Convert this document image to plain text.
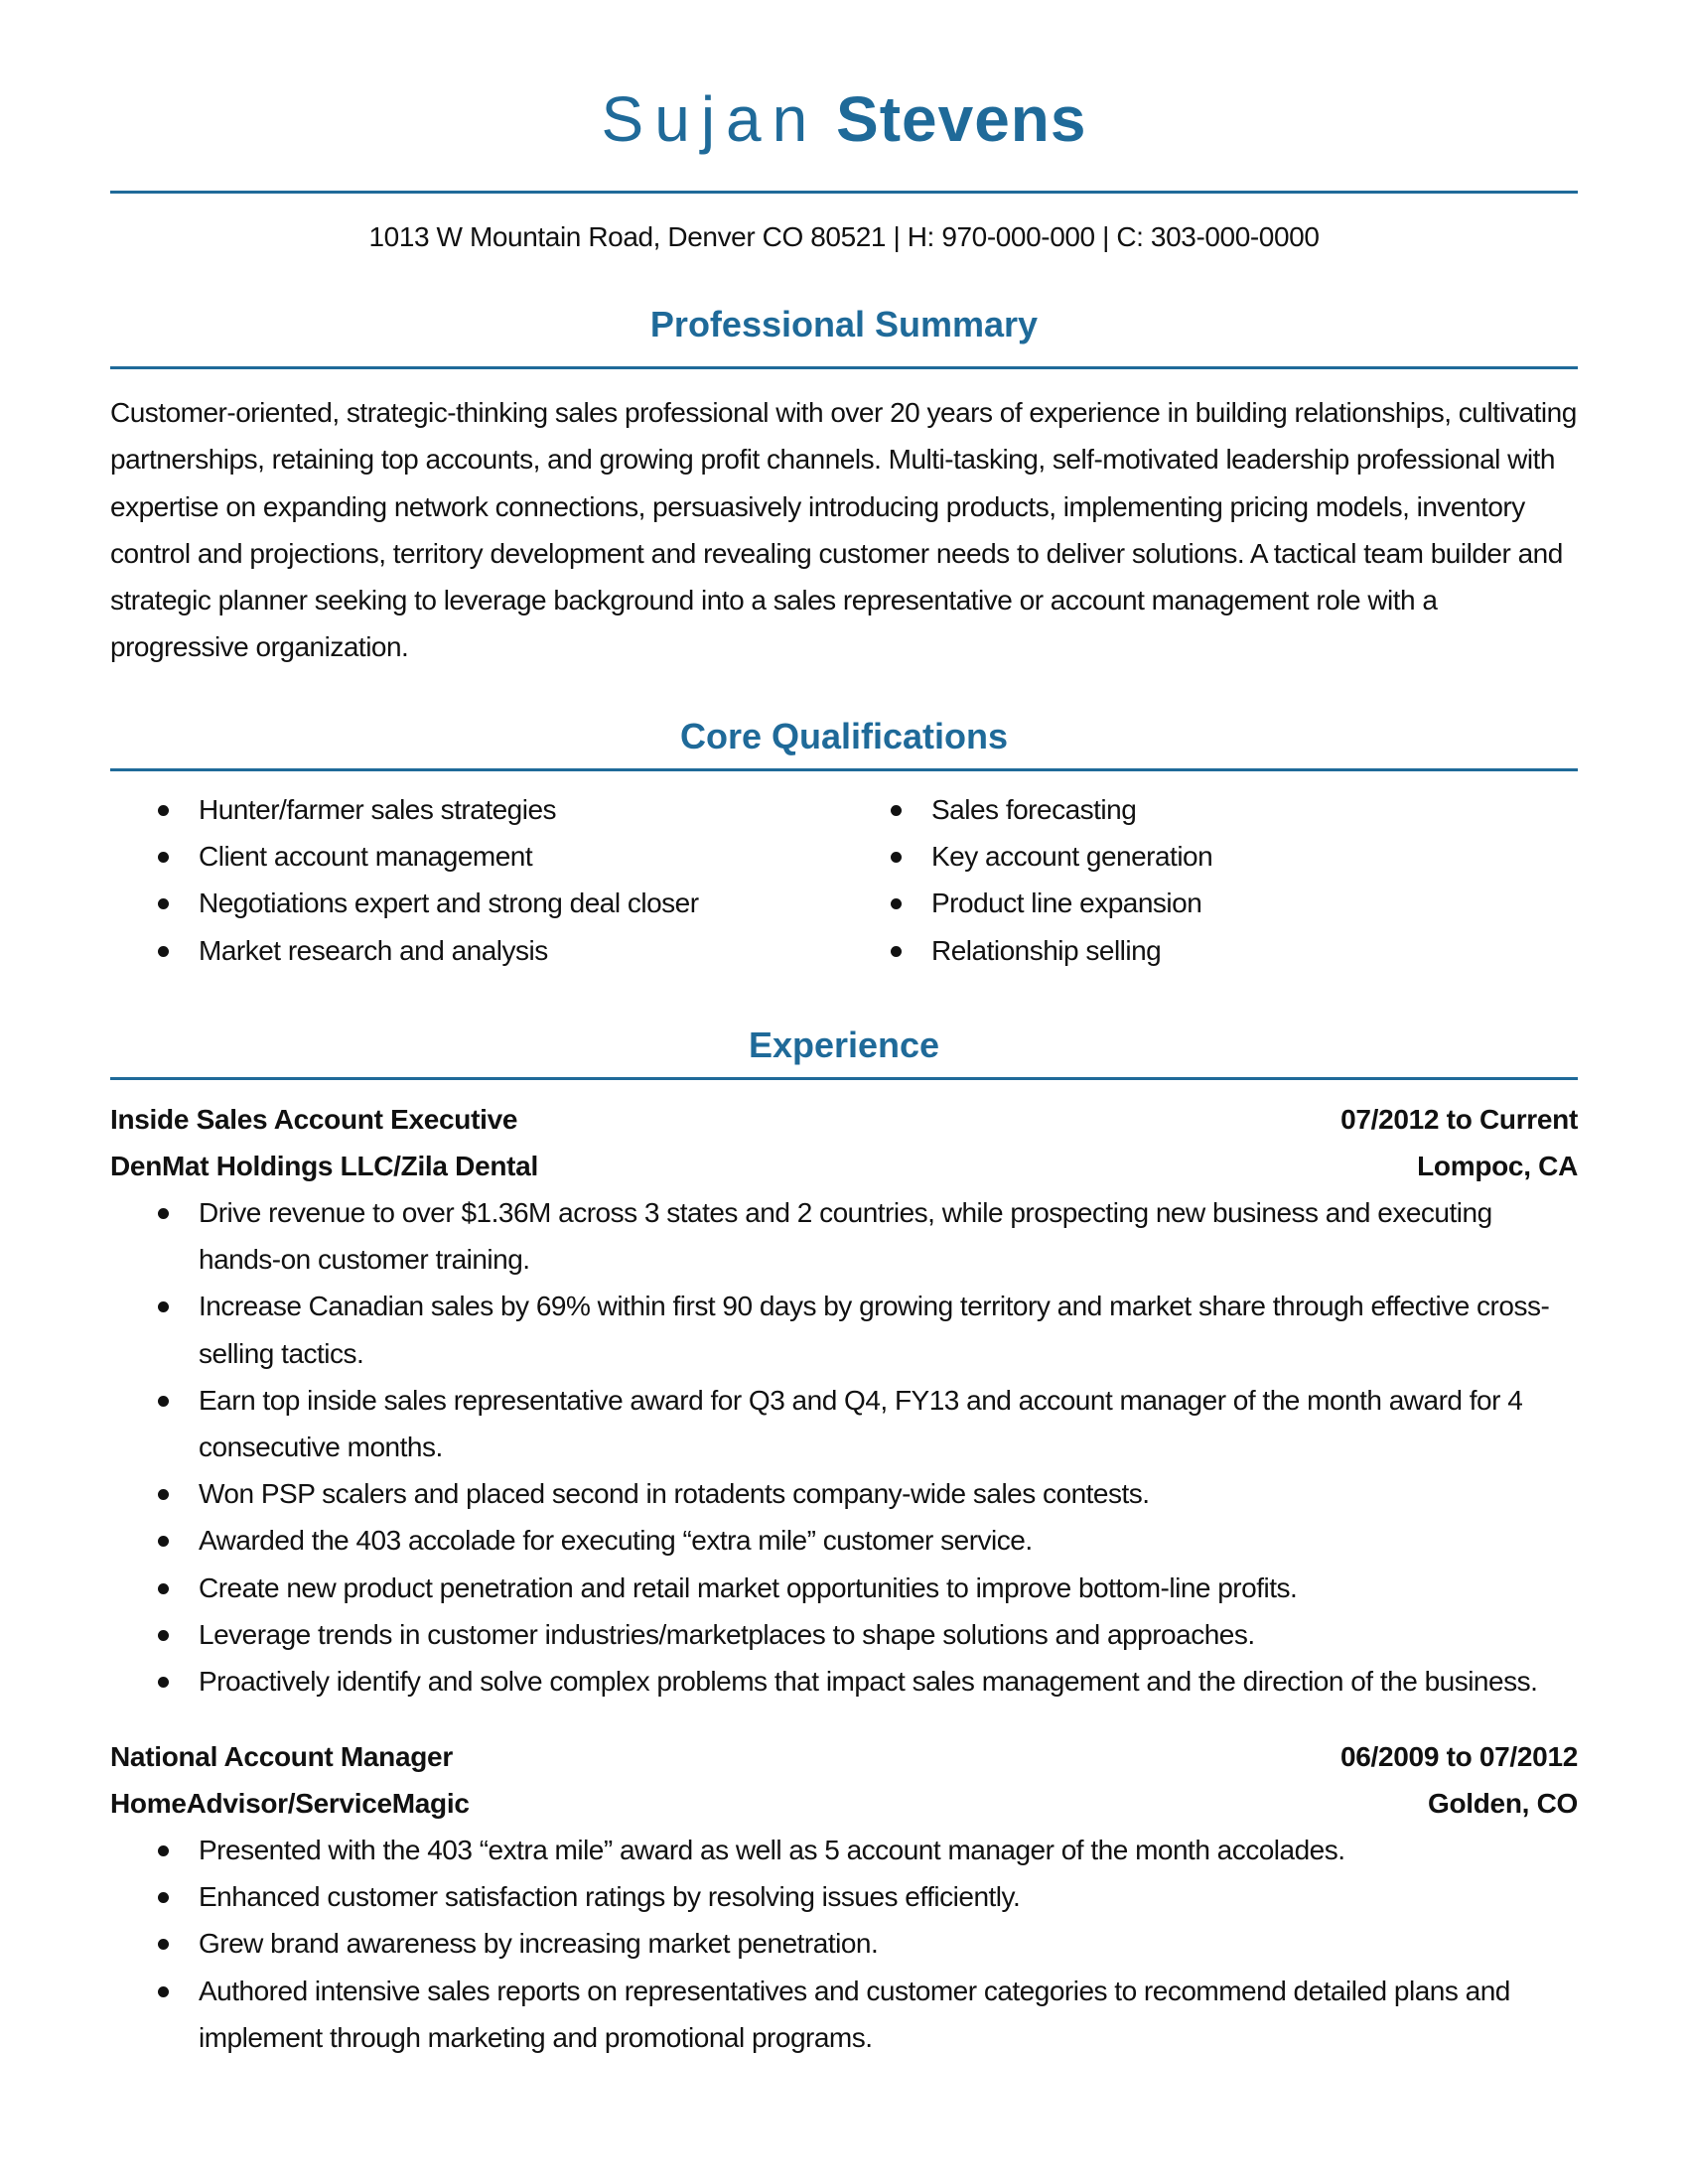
Sujan Stevens
1013 W Mountain Road, Denver CO 80521 | H: 970-000-000 | C: 303-000-0000
Professional Summary
Customer-oriented, strategic-thinking sales professional with over 20 years of experience in building relationships, cultivating partnerships, retaining top accounts, and growing profit channels. Multi-tasking, self-motivated leadership professional with expertise on expanding network connections, persuasively introducing products, implementing pricing models, inventory control and projections, territory development and revealing customer needs to deliver solutions. A tactical team builder and strategic planner seeking to leverage background into a sales representative or account management role with a progressive organization.
Core Qualifications
Hunter/farmer sales strategies
Client account management
Negotiations expert and strong deal closer
Market research and analysis
Sales forecasting
Key account generation
Product line expansion
Relationship selling
Experience
Inside Sales Account Executive	07/2012 to Current
DenMat Holdings LLC/Zila Dental	Lompoc, CA
Drive revenue to over $1.36M across 3 states and 2 countries, while prospecting new business and executing hands-on customer training.
Increase Canadian sales by 69% within first 90 days by growing territory and market share through effective cross-selling tactics.
Earn top inside sales representative award for Q3 and Q4, FY13 and account manager of the month award for 4 consecutive months.
Won PSP scalers and placed second in rotadents company-wide sales contests.
Awarded the 403 accolade for executing “extra mile” customer service.
Create new product penetration and retail market opportunities to improve bottom-line profits.
Leverage trends in customer industries/marketplaces to shape solutions and approaches.
Proactively identify and solve complex problems that impact sales management and the direction of the business.
National Account Manager	06/2009 to 07/2012
HomeAdvisor/ServiceMagic	Golden, CO
Presented with the 403 “extra mile” award as well as 5 account manager of the month accolades.
Enhanced customer satisfaction ratings by resolving issues efficiently.
Grew brand awareness by increasing market penetration.
Authored intensive sales reports on representatives and customer categories to recommend detailed plans and implement through marketing and promotional programs.
